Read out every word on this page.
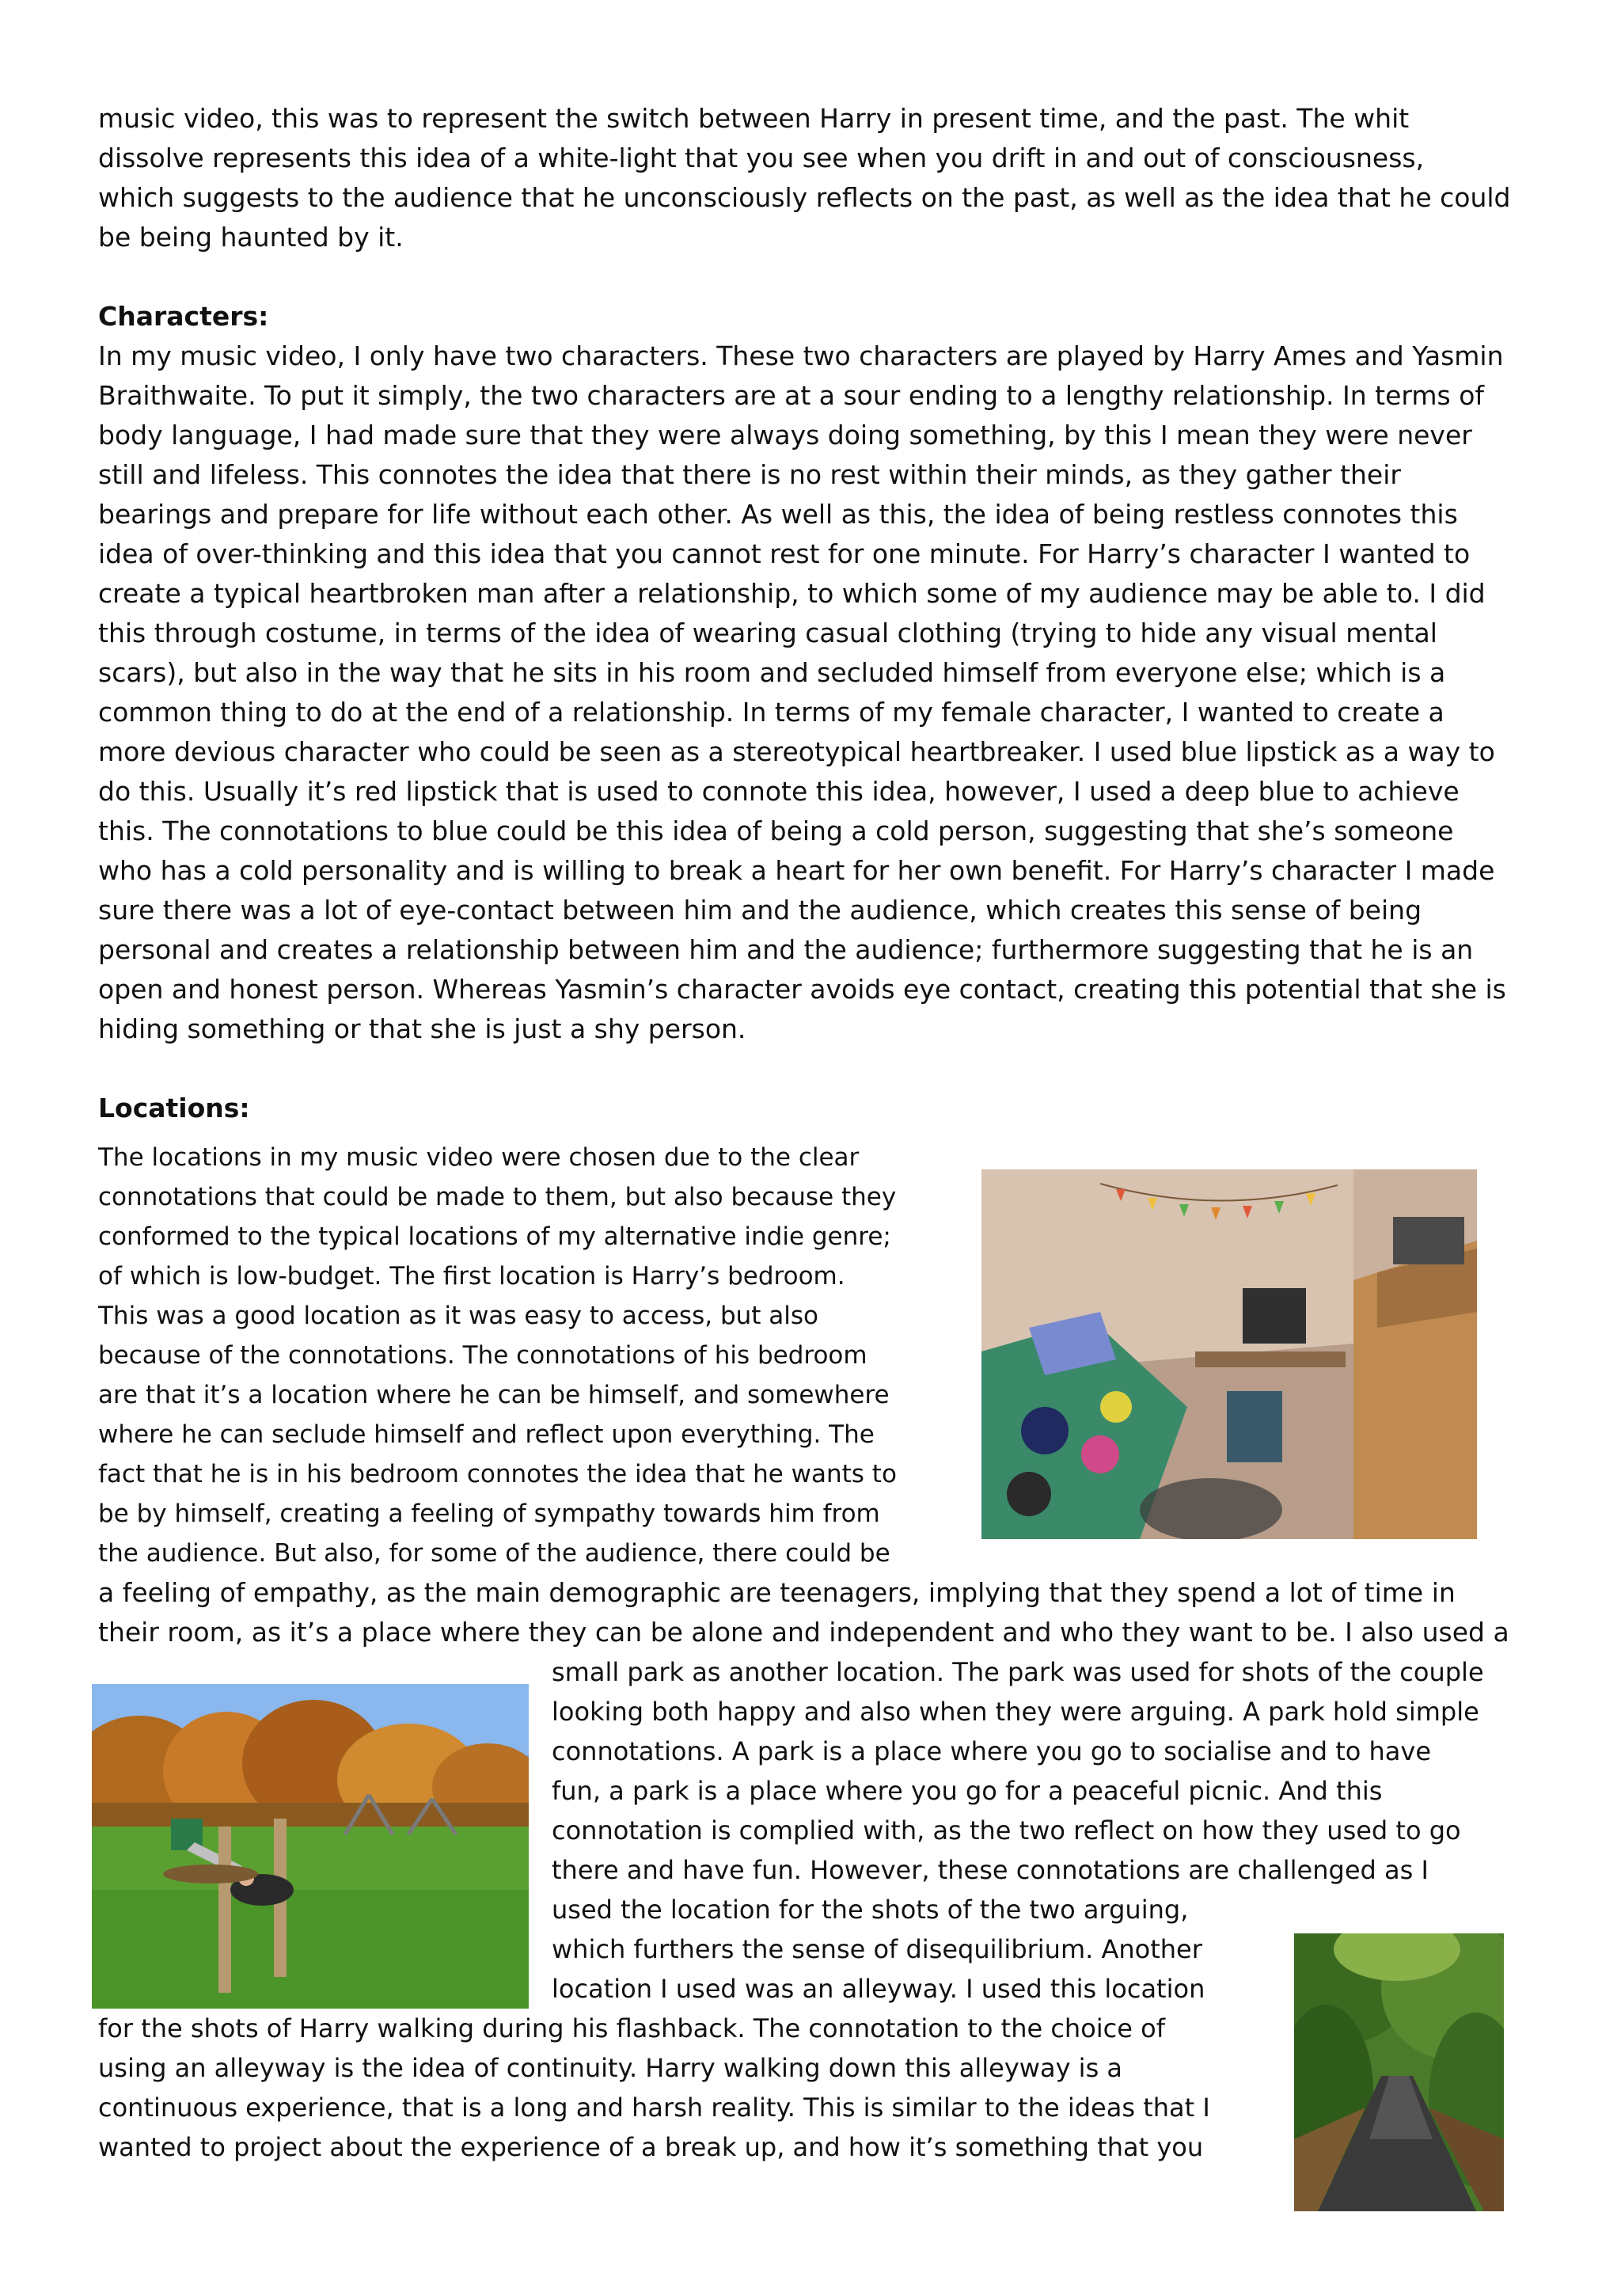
music video, this was to represent the switch between Harry in present time, and the past. The whit

dissolve represents this idea of a white-light that you see when you drift in and out of consciousness,

which suggests to the audience that he unconsciously reflects on the past, as well as the idea that he could

be being haunted by it.

Characters:

In my music video, I only have two characters. These two characters are played by Harry Ames and Yasmin

Braithwaite. To put it simply, the two characters are at a sour ending to a lengthy relationship. In terms of

body language, I had made sure that they were always doing something, by this I mean they were never

still and lifeless. This connotes the idea that there is no rest within their minds, as they gather their

bearings and prepare for life without each other. As well as this, the idea of being restless connotes this

idea of over-thinking and this idea that you cannot rest for one minute. For Harry’s character I wanted to

create a typical heartbroken man after a relationship, to which some of my audience may be able to. I did

this through costume, in terms of the idea of wearing casual clothing (trying to hide any visual mental

scars), but also in the way that he sits in his room and secluded himself from everyone else; which is a

common thing to do at the end of a relationship. In terms of my female character, I wanted to create a

more devious character who could be seen as a stereotypical heartbreaker. I used blue lipstick as a way to

do this. Usually it’s red lipstick that is used to connote this idea, however, I used a deep blue to achieve

this. The connotations to blue could be this idea of being a cold person, suggesting that she’s someone

who has a cold personality and is willing to break a heart for her own benefit. For Harry’s character I made

sure there was a lot of eye-contact between him and the audience, which creates this sense of being

personal and creates a relationship between him and the audience; furthermore suggesting that he is an

open and honest person. Whereas Yasmin’s character avoids eye contact, creating this potential that she is

hiding something or that she is just a shy person.

Locations:

The locations in my music video were chosen due to the clear

connotations that could be made to them, but also because they

conformed to the typical locations of my alternative indie genre;

of which is low-budget. The first location is Harry’s bedroom.

This was a good location as it was easy to access, but also

because of the connotations. The connotations of his bedroom

are that it’s a location where he can be himself, and somewhere

where he can seclude himself and reflect upon everything. The

fact that he is in his bedroom connotes the idea that he wants to

be by himself, creating a feeling of sympathy towards him from

the audience. But also, for some of the audience, there could be

a feeling of empathy, as the main demographic are teenagers, implying that they spend a lot of time in

their room, as it’s a place where they can be alone and independent and who they want to be. I also used a

small park as another location. The park was used for shots of the couple

looking both happy and also when they were arguing. A park hold simple

connotations. A park is a place where you go to socialise and to have

fun, a park is a place where you go for a peaceful picnic. And this

connotation is complied with, as the two reflect on how they used to go

there and have fun. However, these connotations are challenged as I

used the location for the shots of the two arguing,

which furthers the sense of disequilibrium. Another

location I used was an alleyway. I used this location

for the shots of Harry walking during his flashback. The connotation to the choice of

using an alleyway is the idea of continuity. Harry walking down this alleyway is a

continuous experience, that is a long and harsh reality. This is similar to the ideas that I

wanted to project about the experience of a break up, and how it’s something that you
